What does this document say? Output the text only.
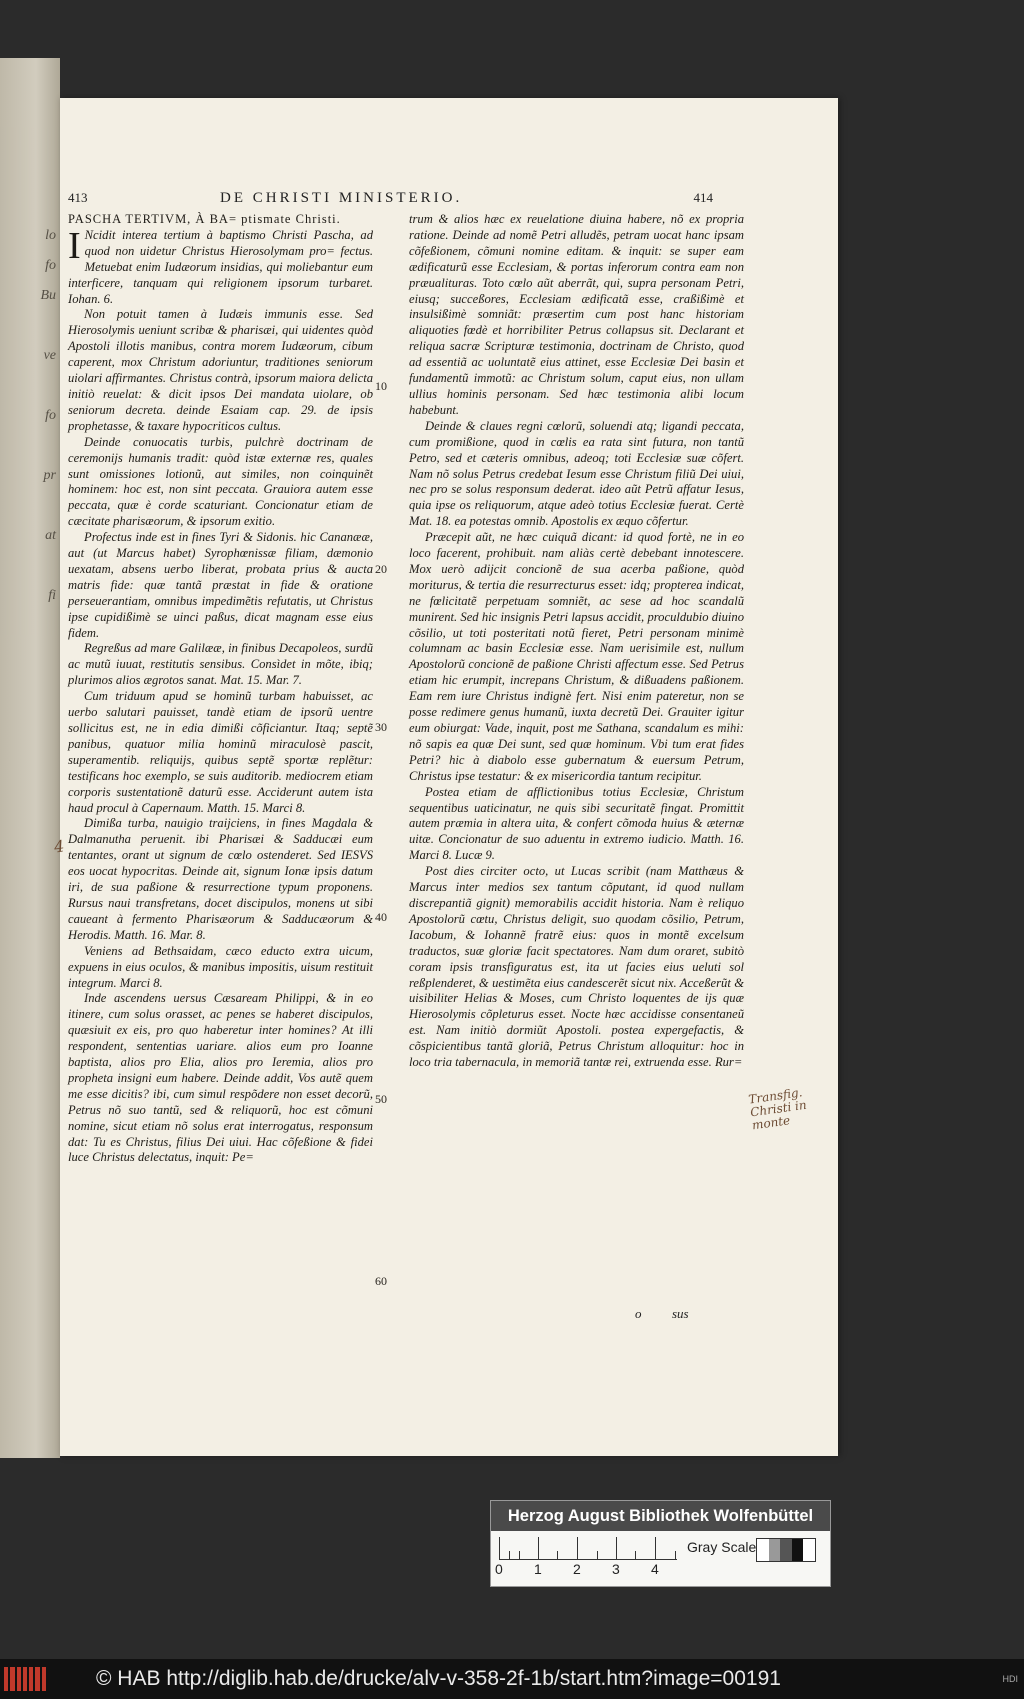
lo
fo
Bu
ve
fo
pr
at
fi
413	DE CHRISTI MINISTERIO.	414

PASCHA TERTIVM, À BA= ptismate Christi.

I Ncidit interea tertium à baptismo Christi Pascha, ad quod non uidetur Christus Hierosolymam pro= fectus. Metuebat enim Iudæorum insidias, qui moliebantur eum interficere, tanquam qui religionem ipsorum turbaret. Iohan. 6.

Non potuit tamen à Iudæis immunis esse. Sed Hierosolymis ueniunt scribæ & pharisæi, qui uidentes quòd Apostoli illotis manibus, contra morem Iudæorum, cibum caperent, mox Christum adoriuntur, traditiones seniorum uiolari affirmantes. Christus contrà, ipsorum maiora delicta initiò reuelat: & dicit ipsos Dei mandata uiolare, ob seniorum decreta. deinde Esaiam cap. 29. de ipsis prophetasse, & taxare hypocriticos cultus.

Deinde conuocatis turbis, pulchrè doctrinam de ceremonijs humanis tradit: quòd istæ externæ res, quales sunt omissiones lotionũ, aut similes, non coinquinẽt hominem: hoc est, non sint peccata. Grauiora autem esse peccata, quæ è corde scaturiant. Concionatur etiam de cæcitate pharisæorum, & ipsorum exitio.

Profectus inde est in fines Tyri & Sidonis. hic Cananææ, aut (ut Marcus habet) Syrophœnissæ filiam, dæmonio uexatam, absens uerbo liberat, probata prius & aucta matris fide: quæ tantã præstat in fide & oratione perseuerantiam, omnibus impedimẽtis refutatis, ut Christus ipse cupidißimè se uinci paßus, dicat magnam esse eius fidem.

Regreßus ad mare Galilææ, in finibus Decapoleos, surdũ ac mutũ iuuat, restitutis sensibus. Consìdet in mõte, ibiq; plurimos alios ægrotos sanat. Mat. 15. Mar. 7.

Cum triduum apud se hominũ turbam habuisset, ac uerbo salutari pauisset, tandè etiam de ipsorũ uentre sollicitus est, ne in edia dimißi cõficiantur. Itaq; septẽ panibus, quatuor milia hominũ miraculosè pascit, superamentib. reliquijs, quibus septẽ sportæ replẽtur: testificans hoc exemplo, se suis auditorib. mediocrem etiam corporis sustentationẽ daturũ esse. Acciderunt autem ista haud procul à Capernaum. Matth. 15. Marci 8.

Dimißa turba, nauigio traijciens, in fines Magdala & Dalmanutha peruenit. ibi Pharisæi & Sadducæi eum tentantes, orant ut signum de cœlo ostenderet. Sed IESVS eos uocat hypocritas. Deinde ait, signum Ionæ ipsis datum iri, de sua paßione & resurrectione typum proponens. Rursus naui transfretans, docet discipulos, monens ut sibi caueant à fermento Pharisæorum & Sadducæorum & Herodis. Matth. 16. Mar. 8.

Veniens ad Bethsaidam, cæco educto extra uicum, expuens in eius oculos, & manibus impositis, uisum restituit integrum. Marci 8.

Inde ascendens uersus Cæsaream Philippi, & in eo itinere, cum solus orasset, ac penes se haberet discipulos, quæsiuit ex eis, pro quo haberetur inter homines? At illi respondent, sententias uariare. alios eum pro Ioanne baptista, alios pro Elia, alios pro Ieremia, alios pro propheta insigni eum habere. Deinde addit, Vos autẽ quem me esse dicitis? ibi, cum simul respõdere non esset decorũ, Petrus nõ suo tantũ, sed & reliquorũ, hoc est cõmuni nomine, sicut etiam nõ solus erat interrogatus, responsum dat: Tu es Christus, filius Dei uiui. Hac cõfeßione & fidei luce Christus delectatus, inquit: Pe=

trum & alios hæc ex reuelatione diuina habere, nõ ex propria ratione. Deinde ad nomẽ Petri alludẽs, petram uocat hanc ipsam cõfeßionem, cõmuni nomine editam. & inquit: se super eam ædificaturũ esse Ecclesiam, & portas inferorum contra eam non præualituras. Toto cœlo aũt aberrãt, qui, supra personam Petri, eiusq; succeßores, Ecclesiam ædificatã esse, craßißimè et insulsißimè somniãt: præsertim cum post hanc historiam aliquoties fœdè et horribiliter Petrus collapsus sit. Declarant et reliqua sacræ Scripturæ testimonia, doctrinam de Christo, quod ad essentiã ac uoluntatẽ eius attinet, esse Ecclesiæ Dei basin et fundamentũ immotũ: ac Christum solum, caput eius, non ullam ullius hominis personam. Sed hæc testimonia alibi locum habebunt.

Deinde & claues regni cœlorũ, soluendi atq; ligandi peccata, cum promißione, quod in cœlis ea rata sint futura, non tantũ Petro, sed et cæteris omnibus, adeoq; toti Ecclesiæ suæ cõfert. Nam nõ solus Petrus credebat Iesum esse Christum filiũ Dei uiui, nec pro se solus responsum dederat. ideo aũt Petrũ affatur Iesus, quia ipse os reliquorum, atque adeò totius Ecclesiæ fuerat. Certè Mat. 18. ea potestas omnib. Apostolis ex æquo cõfertur.

Præcepit aũt, ne hæc cuiquã dicant: id quod fortè, ne in eo loco facerent, prohibuit. nam aliàs certè debebant innotescere. Mox uerò adijcit concionẽ de sua acerba paßione, quòd moriturus, & tertia die resurrecturus esset: idq; propterea indicat, ne fœlicitatẽ perpetuam somniẽt, ac sese ad hoc scandalũ munirent. Sed hic insignis Petri lapsus accidit, proculdubio diuino cõsilio, ut toti posteritati notũ fieret, Petri personam minimè columnam ac basin Ecclesiæ esse. Nam uerisimile est, nullum Apostolorũ concionẽ de paßione Christi affectum esse. Sed Petrus etiam hic erumpit, increpans Christum, & dißuadens paßionem. Eam rem iure Christus indignè fert. Nisi enim pateretur, non se posse redimere genus humanũ, iuxta decretũ Dei. Grauiter igitur eum obiurgat: Vade, inquit, post me Sathana, scandalum es mihi: nõ sapis ea quæ Dei sunt, sed quæ hominum. Vbi tum erat fides Petri? hic à diabolo esse gubernatum & euersum Petrum, Christus ipse testatur: & ex misericordia tantum recipitur.

Postea etiam de afflictionibus totius Ecclesiæ, Christum sequentibus uaticinatur, ne quis sibi securitatẽ fingat. Promittit autem præmia in altera uita, & confert cõmoda huius & æternæ uitæ. Concionatur de suo aduentu in extremo iudicio. Matth. 16. Marci 8. Lucæ 9.

Post dies circiter octo, ut Lucas scribit (nam Matthæus & Marcus inter medios sex tantum cõputant, id quod nullam discrepantiã gignit) memorabilis accidit historia. Nam è reliquo Apostolorũ cœtu, Christus deligit, suo quodam cõsilio, Petrum, Iacobum, & Iohannẽ fratrẽ eius: quos in montẽ excelsum traductos, suæ gloriæ facit spectatores. Nam dum oraret, subitò coram ipsis transfiguratus est, ita ut facies eius ueluti sol reßplenderet, & uestimẽta eius candescerẽt sicut nix. Acceßerũt & uisibiliter Helias & Moses, cum Christo loquentes de ijs quæ Hierosolymis cõpleturus esset. Nocte hæc accidisse consentaneũ est. Nam initiò dormiũt Apostoli. postea expergefactis, & cõspicientibus tantã gloriã, Petrus Christum alloquitur: hoc in loco tria tabernacula, in memoriã tantæ rei, extruenda esse. Rur=

10
20
30
40
50
60
4
Transfig. Christi in monte
o sus
Herzog August Bibliothek Wolfenbüttel
0 1 2 3 4
Gray Scale
© HAB http://diglib.hab.de/drucke/alv-v-358-2f-1b/start.htm?image=00191	HDI
